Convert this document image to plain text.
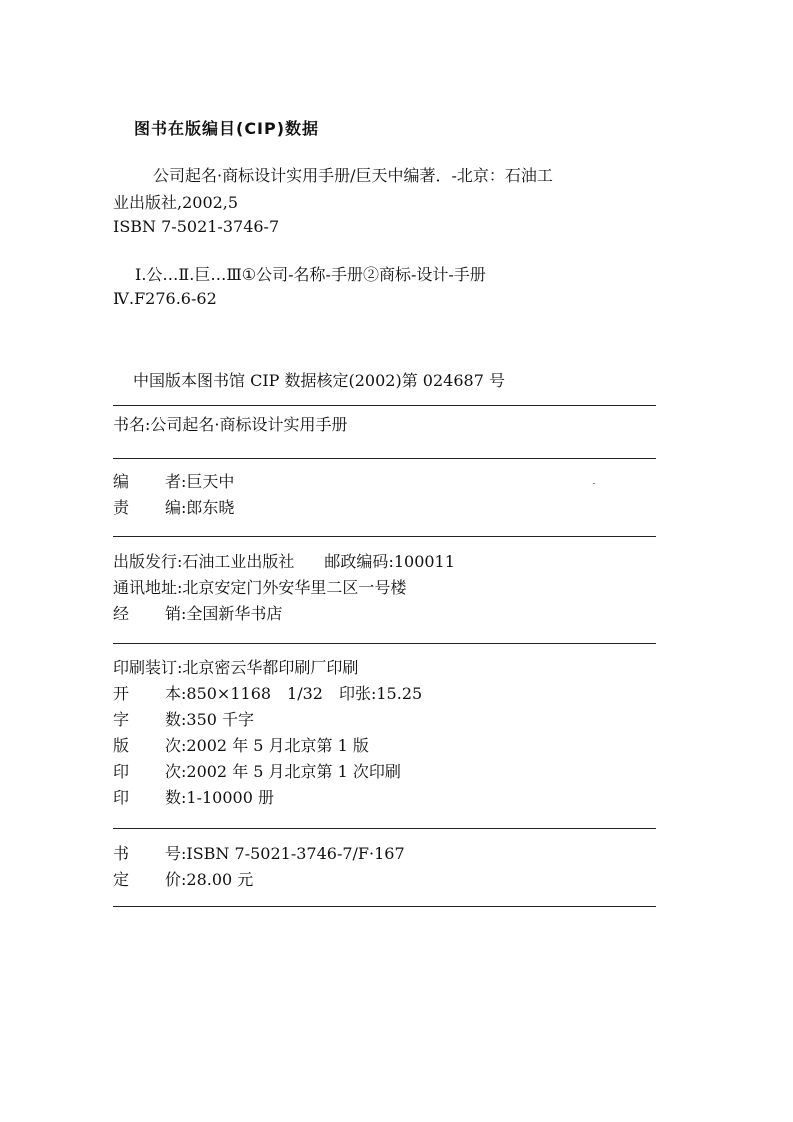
图书在版编目(CIP)数据
公司起名·商标设计实用手册/巨天中编著．-北京：石油工
业出版社,2002,5
ISBN 7-5021-3746-7
Ⅰ.公…Ⅱ.巨…Ⅲ①公司-名称-手册②商标-设计-手册
Ⅳ.F276.6-62
中国版本图书馆 CIP 数据核定(2002)第 024687 号
书名:公司起名·商标设计实用手册
编 者 :巨天中
责 编 :郎东晓
出版发行:石油工业出版社 邮政编码:100011
通讯地址:北京安定门外安华里二区一号楼
经 销 :全国新华书店
印刷装订:北京密云华都印刷厂印刷
开 本 :850×1168　1/32　印张:15.25
字 数 :350 千字
版 次 :2002 年 5 月北京第 1 版
印 次 :2002 年 5 月北京第 1 次印刷
印 数 :1-10000 册
书 号 :ISBN 7-5021-3746-7/F·167
定 价 :28.00 元
